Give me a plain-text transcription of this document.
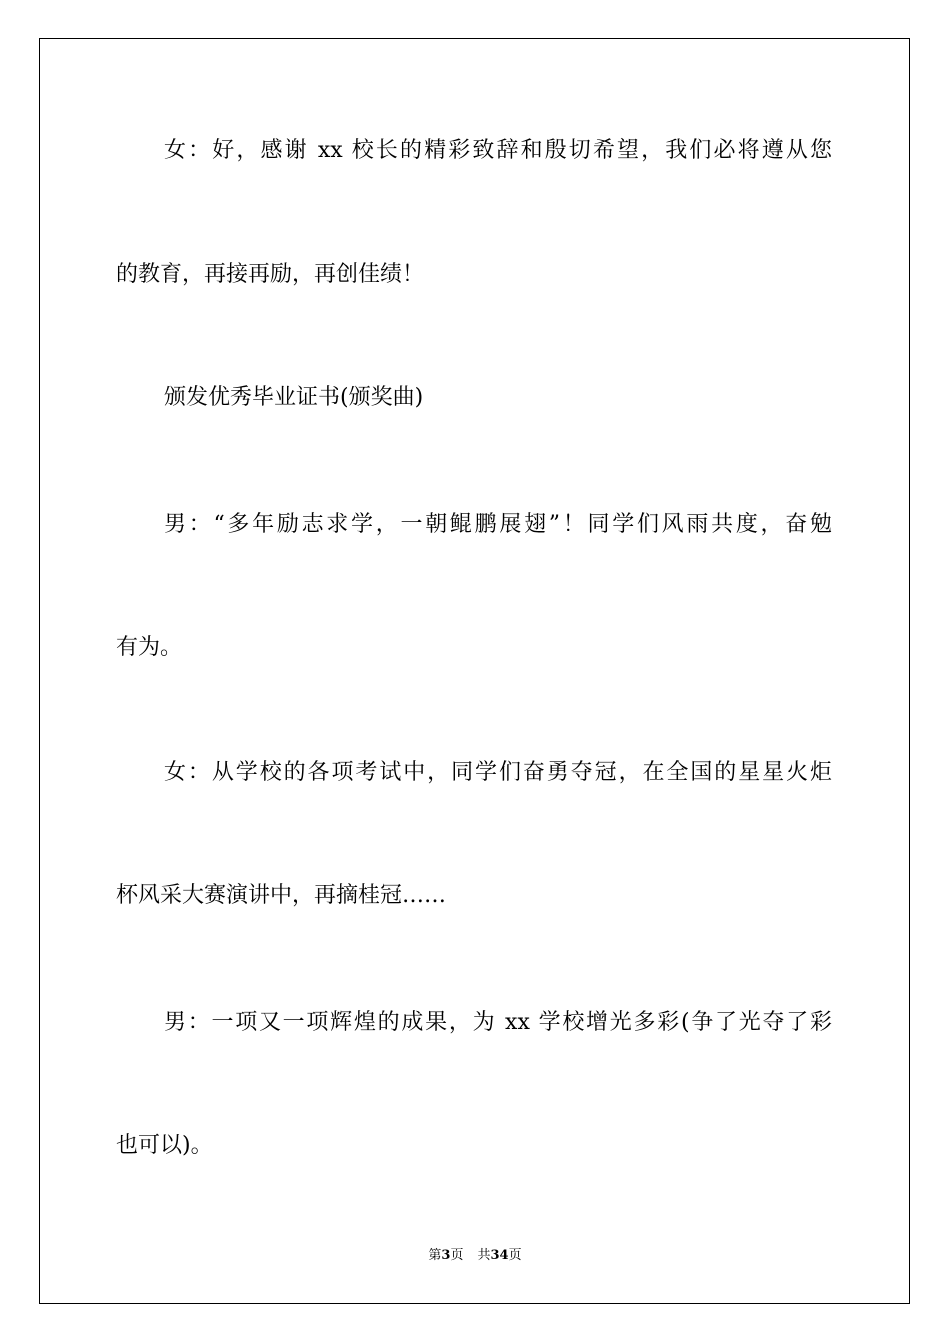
女：好，感谢 xx 校长的精彩致辞和殷切希望，我们必将遵从您
的教育，再接再励，再创佳绩！
颁发优秀毕业证书(颁奖曲)
男：“多年励志求学，一朝鲲鹏展翅”！同学们风雨共度，奋勉
有为。
女：从学校的各项考试中，同学们奋勇夺冠，在全国的星星火炬
杯风采大赛演讲中，再摘桂冠……
男：一项又一项辉煌的成果，为 xx 学校增光多彩(争了光夺了彩
也可以)。
第3页 共34页
